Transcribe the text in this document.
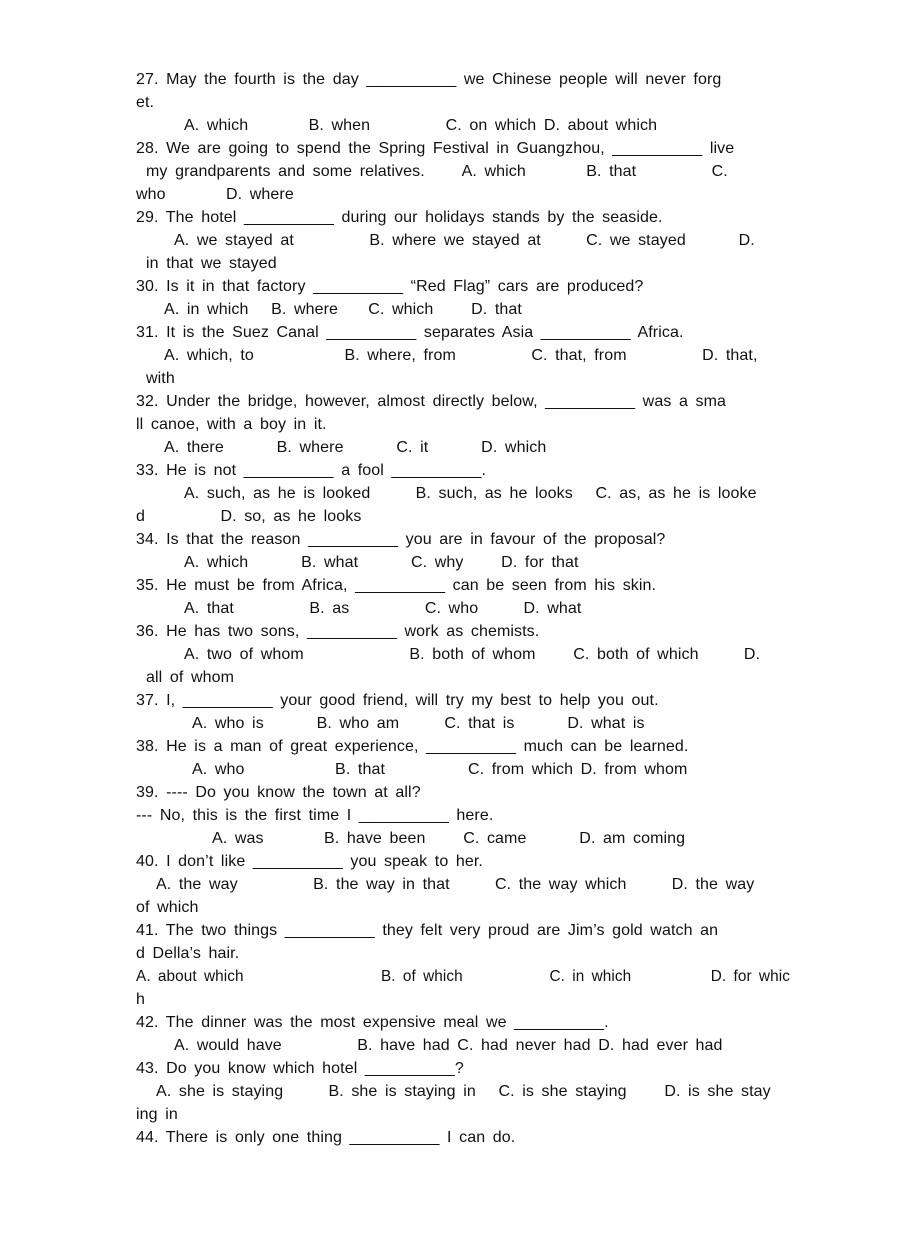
27. May the fourth is the day __________ we Chinese people will never forg
et.
A. which        B. when          C. on which D. about which
28. We are going to spend the Spring Festival in Guangzhou, __________ live
my grandparents and some relatives.     A. which        B. that          C.
who        D. where
29. The hotel __________ during our holidays stands by the seaside.
A. we stayed at          B. where we stayed at      C. we stayed       D.
in that we stayed
30. Is it in that factory __________ “Red Flag” cars are produced?
A. in which   B. where    C. which     D. that
31. It is the Suez Canal __________ separates Asia __________ Africa.
A. which, to            B. where, from          C. that, from          D. that,
with
32. Under the bridge, however, almost directly below, __________ was a sma
ll canoe, with a boy in it.
A. there       B. where       C. it       D. which
33. He is not __________ a fool __________.
A. such, as he is looked      B. such, as he looks   C. as, as he is looke
d          D. so, as he looks
34. Is that the reason __________ you are in favour of the proposal?
A. which       B. what       C. why     D. for that
35. He must be from Africa, __________ can be seen from his skin.
A. that          B. as          C. who      D. what
36. He has two sons, __________ work as chemists.
A. two of whom              B. both of whom     C. both of which      D.
all of whom
37. I, __________ your good friend, will try my best to help you out.
A. who is       B. who am      C. that is       D. what is
38. He is a man of great experience, __________ much can be learned.
A. who            B. that           C. from which D. from whom
39. ---- Do you know the town at all?
--- No, this is the first time I __________ here.
A. was        B. have been     C. came       D. am coming
40. I don’t like __________ you speak to her.
A. the way          B. the way in that      C. the way which      D. the way
of which
41. The two things __________ they felt very proud are Jim’s gold watch an
d Della’s hair.
A. about which                   B. of which            C. in which           D. for whic
h
42. The dinner was the most expensive meal we __________.
A. would have          B. have had C. had never had D. had ever had
43. Do you know which hotel __________?
A. she is staying      B. she is staying in   C. is she staying     D. is she stay
ing in
44. There is only one thing __________ I can do.
